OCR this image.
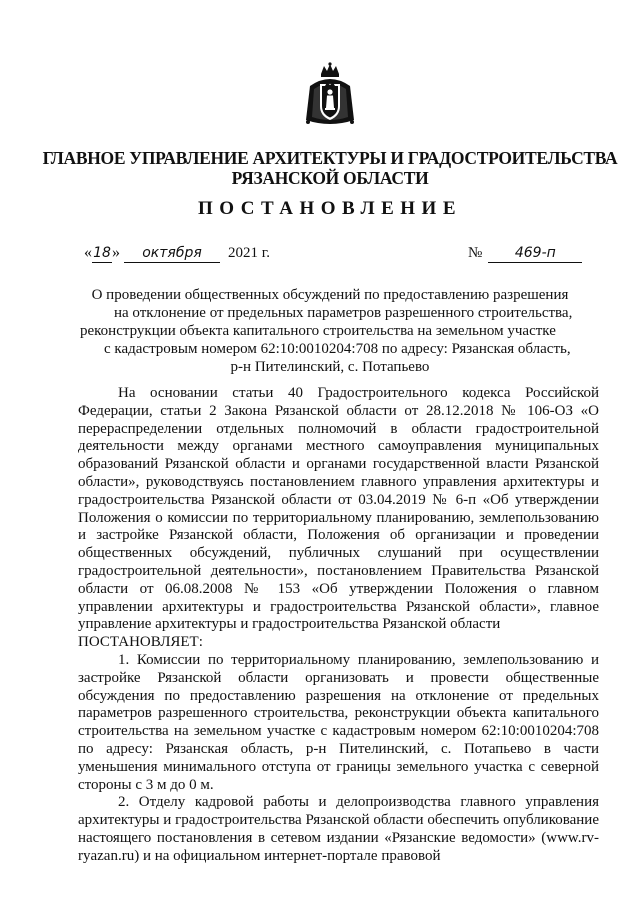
ГЛАВНОЕ УПРАВЛЕНИЕ АРХИТЕКТУРЫ И ГРАДОСТРОИТЕЛЬСТВА
РЯЗАНСКОЙ ОБЛАСТИ
ПОСТАНОВЛЕНИЕ
«18» октября 2021 г.	№ 469-п
О проведении общественных обсуждений по предоставлению разрешения
на отклонение от предельных параметров разрешенного строительства,
реконструкции объекта капитального строительства на земельном участке
с кадастровым номером 62:10:0010204:708 по адресу: Рязанская область,
р-н Пителинский, с. Потапьево

На основании статьи 40 Градостроительного кодекса Российской Федерации, статьи 2 Закона Рязанской области от 28.12.2018 № 106-ОЗ «О перераспределении отдельных полномочий в области градостроительной деятельности между органами местного самоуправления муниципальных образований Рязанской области и органами государственной власти Рязанской области», руководствуясь постановлением главного управления архитектуры и градостроительства Рязанской области от 03.04.2019 № 6-п «Об утверждении Положения о комиссии по территориальному планированию, землепользованию и застройке Рязанской области, Положения об организации и проведении общественных обсуждений, публичных слушаний при осуществлении градостроительной деятельности», постановлением Правительства Рязанской области от 06.08.2008 № 153 «Об утверждении Положения о главном управлении архитектуры и градостроительства Рязанской области», главное управление архитектуры и градостроительства Рязанской области

ПОСТАНОВЛЯЕТ:

1. Комиссии по территориальному планированию, землепользованию и застройке Рязанской области организовать и провести общественные обсуждения по предоставлению разрешения на отклонение от предельных параметров разрешенного строительства, реконструкции объекта капитального строительства на земельном участке с кадастровым номером 62:10:0010204:708 по адресу: Рязанская область, р-н Пителинский, с. Потапьево в части уменьшения минимального отступа от границы земельного участка с северной стороны с 3 м до 0 м.

2. Отделу кадровой работы и делопроизводства главного управления архитектуры и градостроительства Рязанской области обеспечить опубликование настоящего постановления в сетевом издании «Рязанские ведомости» (www.rv-ryazan.ru) и на официальном интернет-портале правовой
